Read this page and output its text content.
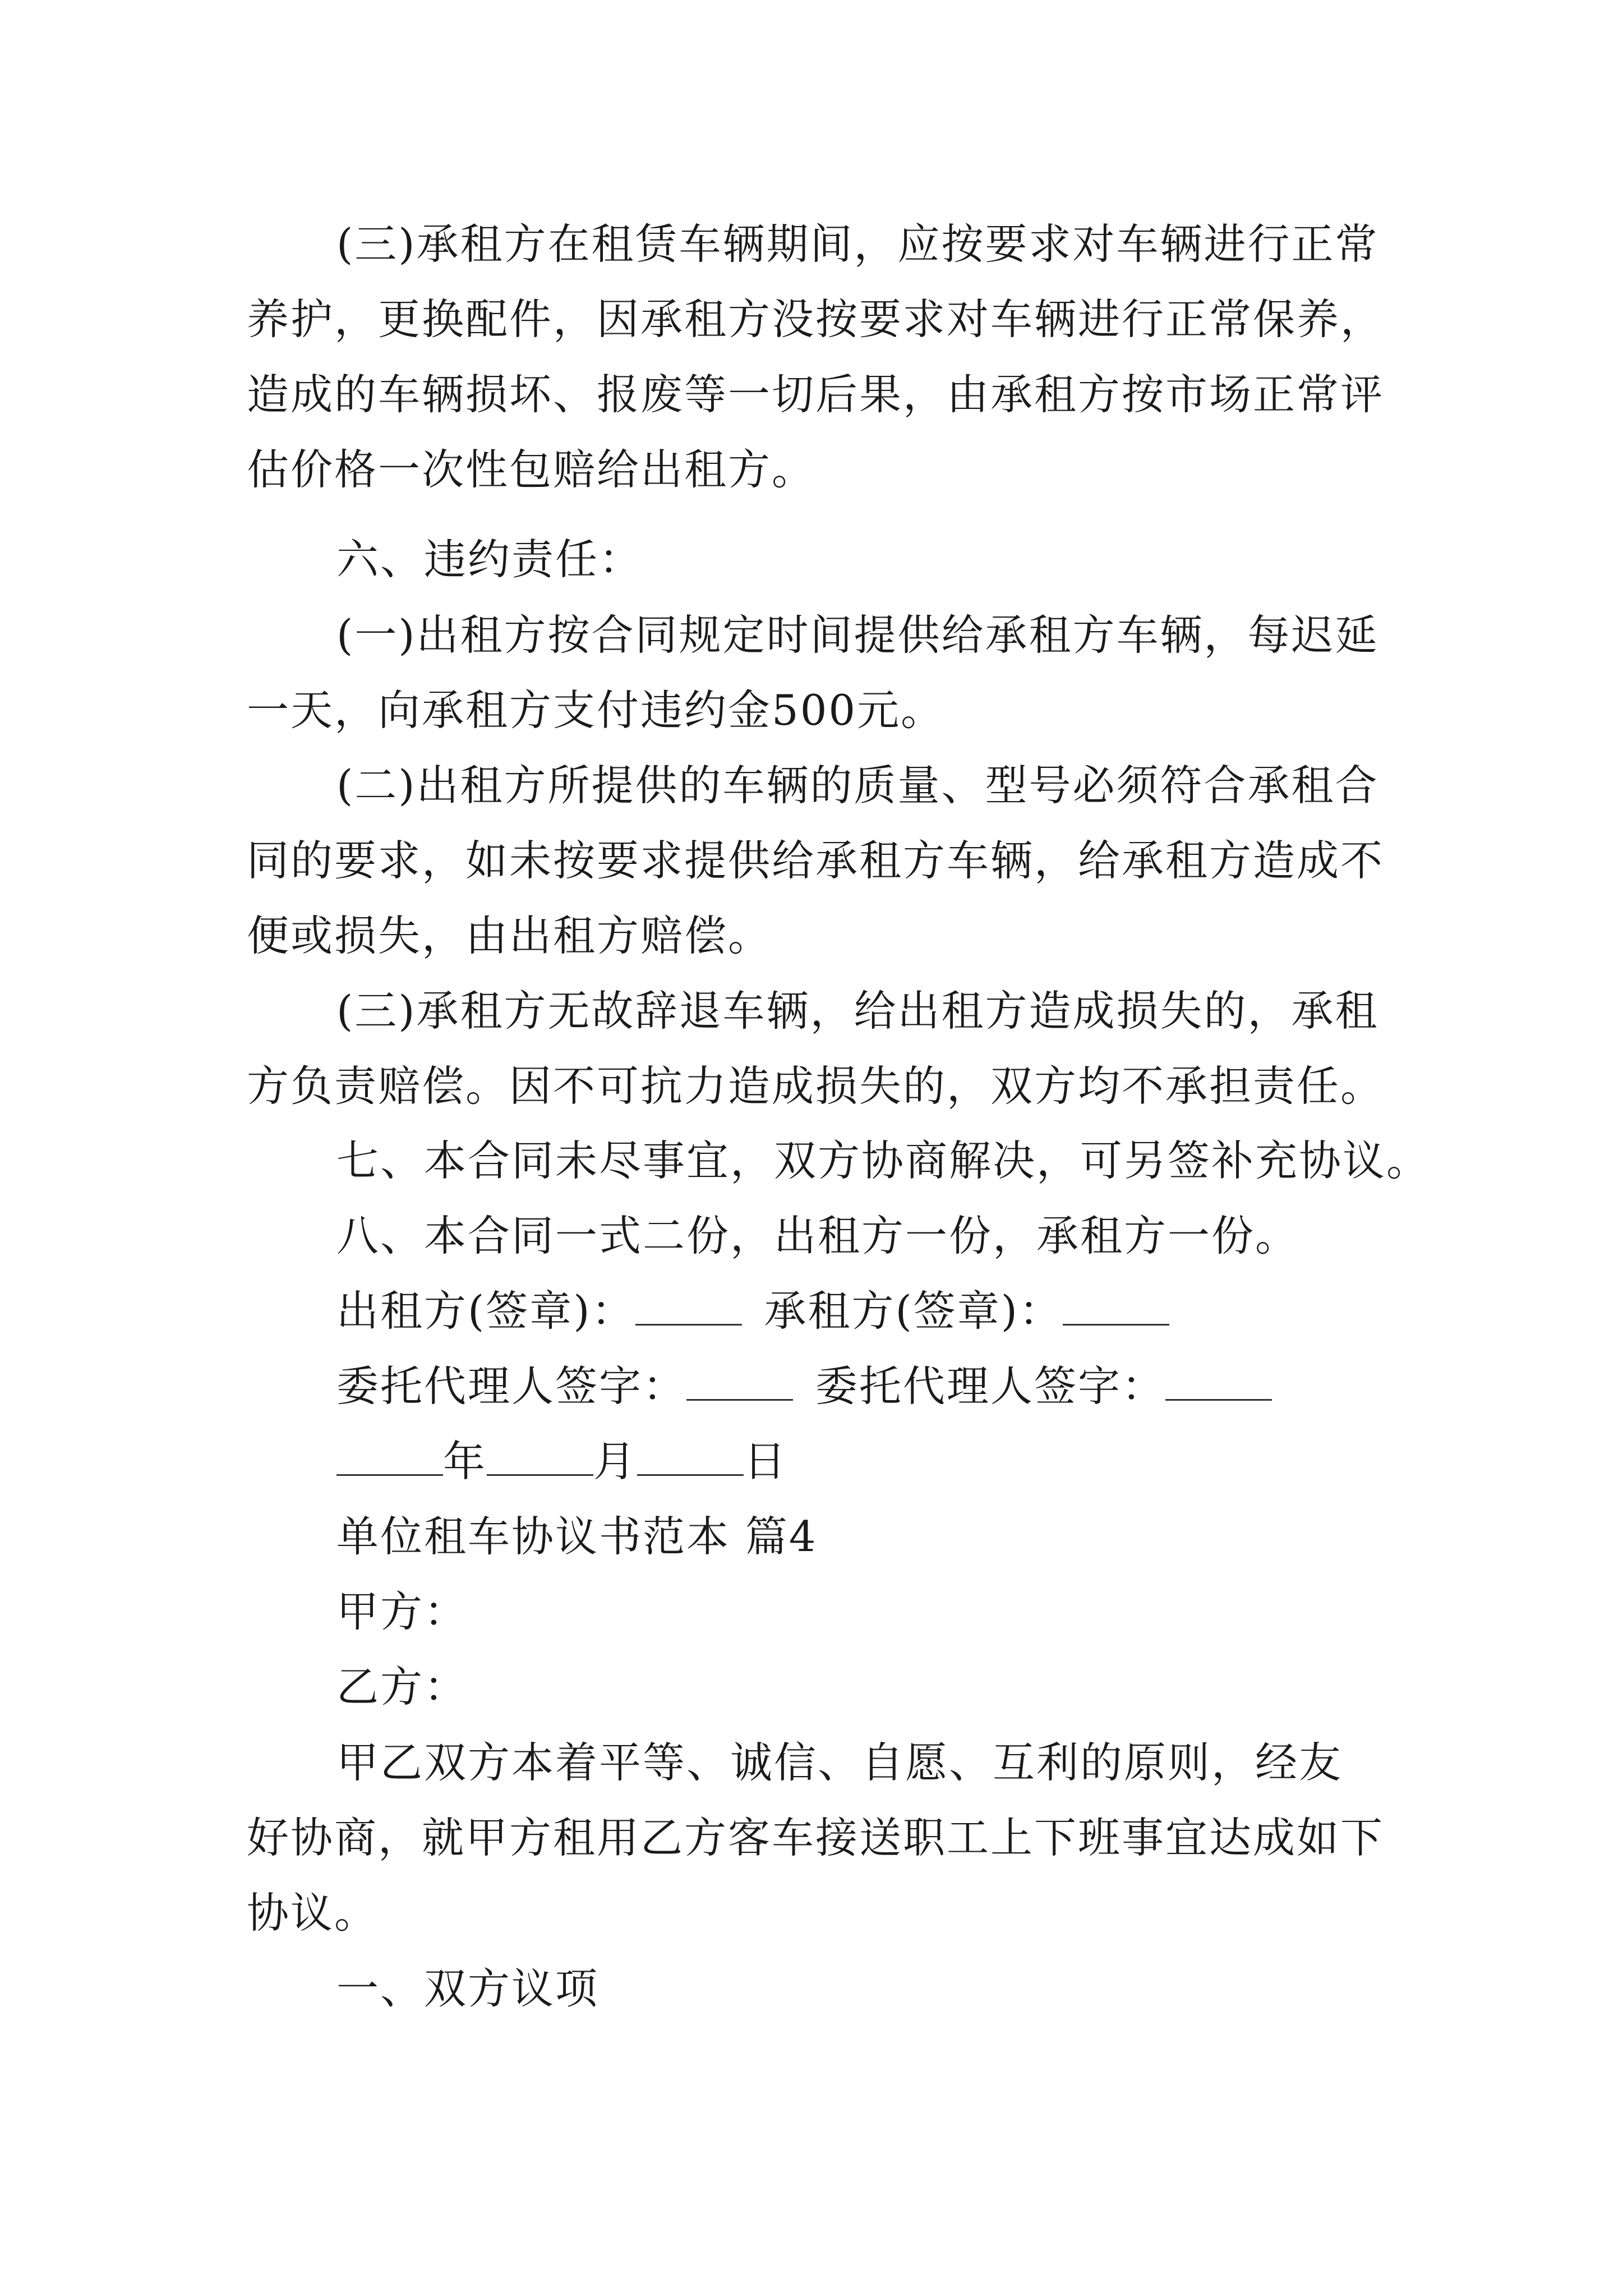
(三)承租方在租赁车辆期间，应按要求对车辆进行正常养护，更换配件，因承租方没按要求对车辆进行正常保养，造成的车辆损坏、报废等一切后果，由承租方按市场正常评估价格一次性包赔给出租方。
六、违约责任：
(一)出租方按合同规定时间提供给承租方车辆，每迟延一天，向承租方支付违约金500元。
(二)出租方所提供的车辆的质量、型号必须符合承租合同的要求，如未按要求提供给承租方车辆，给承租方造成不便或损失，由出租方赔偿。
(三)承租方无故辞退车辆，给出租方造成损失的，承租方负责赔偿。因不可抗力造成损失的，双方均不承担责任。
七、本合同未尽事宜，双方协商解决，可另签补充协议。
八、本合同一式二份，出租方一份，承租方一份。
出租方(签章)：	承租方(签章)：
委托代理人签字：	委托代理人签字：
年	月	日
单位租车协议书范本 篇4
甲方：
乙方：
甲乙双方本着平等、诚信、自愿、互利的原则，经友好协商，就甲方租用乙方客车接送职工上下班事宜达成如下协议。
一、双方议项
